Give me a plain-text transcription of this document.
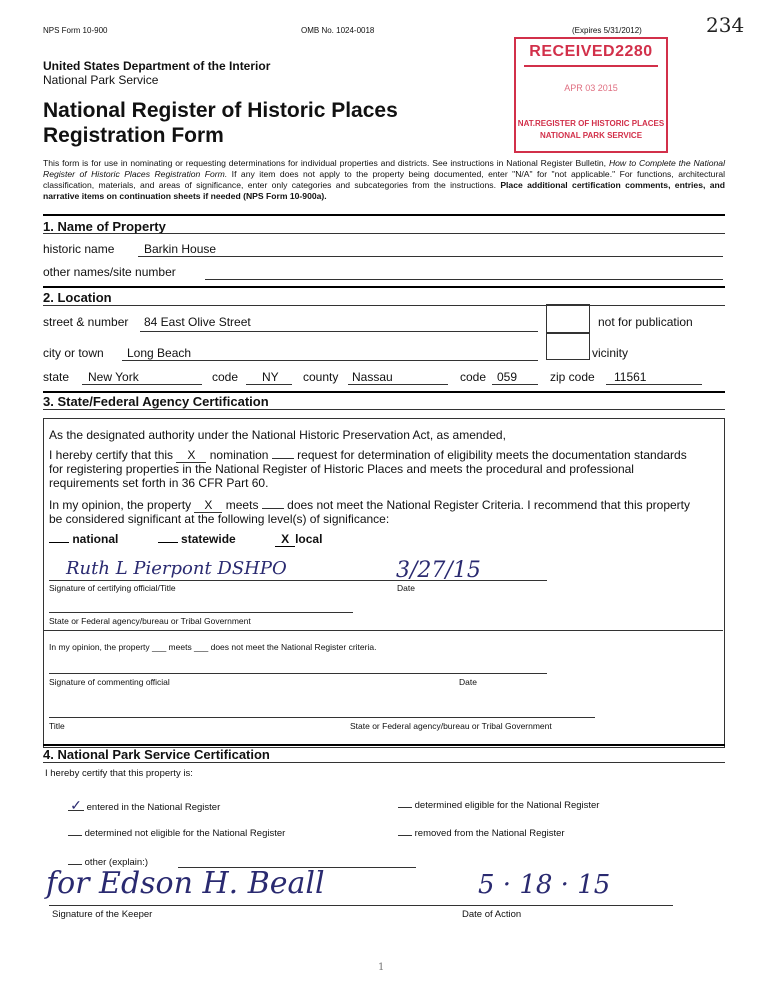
NPS Form 10-900	OMB No. 1024-0018	(Expires 5/31/2012)	234
United States Department of the Interior
National Park Service
National Register of Historic Places
Registration Form
RECEIVED2280
APR 03 2015
NAT.REGISTER OF HISTORIC PLACES
NATIONAL PARK SERVICE
This form is for use in nominating or requesting determinations for individual properties and districts. See instructions in National Register Bulletin, How to Complete the National Register of Historic Places Registration Form. If any item does not apply to the property being documented, enter "N/A" for "not applicable." For functions, architectural classification, materials, and areas of significance, enter only categories and subcategories from the instructions. Place additional certification comments, entries, and narrative items on continuation sheets if needed (NPS Form 10-900a).
1. Name of Property
historic name Barkin House
other names/site number
2. Location
street & number 84 East Olive Street	not for publication
city or town Long Beach	vicinity
state New York	code NY county Nassau	code 059	zip code 11561
3. State/Federal Agency Certification
As the designated authority under the National Historic Preservation Act, as amended,
I hereby certify that this X nomination request for determination of eligibility meets the documentation standards
for registering properties in the National Register of Historic Places and meets the procedural and professional
requirements set forth in 36 CFR Part 60.
In my opinion, the property X meets does not meet the National Register Criteria. I recommend that this property
be considered significant at the following level(s) of significance:
national	statewide	X local
Ruth L Pierpont DSHPO	3/27/15
Signature of certifying official/Title	Date
State or Federal agency/bureau or Tribal Government
In my opinion, the property ___ meets ___ does not meet the National Register criteria.
Signature of commenting official	Date
Title	State or Federal agency/bureau or Tribal Government
4. National Park Service Certification
I hereby certify that this property is:
✓ entered in the National Register	determined eligible for the National Register
determined not eligible for the National Register	removed from the National Register
other (explain:)
for Edson H. Beall	5 · 18 · 15
Signature of the Keeper	Date of Action
1
